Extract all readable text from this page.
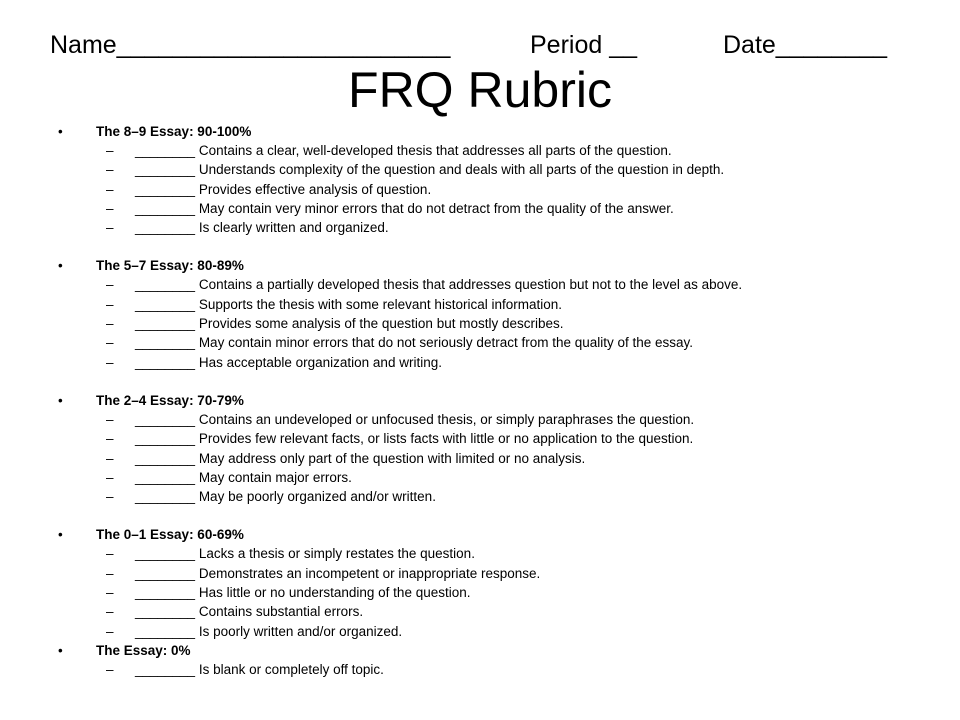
Name________________________	Period __	Date________
FRQ Rubric
• The 8–9 Essay: 90-100%
– ________ Contains a clear, well-developed thesis that addresses all parts of the question.
– ________ Understands complexity of the question and deals with all parts of the question in depth.
– ________ Provides effective analysis of question.
– ________ May contain very minor errors that do not detract from the quality of the answer.
– ________ Is clearly written and organized.
• The 5–7 Essay: 80-89%
– ________ Contains a partially developed thesis that addresses question but not to the level as above.
– ________ Supports the thesis with some relevant historical information.
– ________ Provides some analysis of the question but mostly describes.
– ________ May contain minor errors that do not seriously detract from the quality of the essay.
– ________ Has acceptable organization and writing.
• The 2–4 Essay: 70-79%
– ________ Contains an undeveloped or unfocused thesis, or simply paraphrases the question.
– ________ Provides few relevant facts, or lists facts with little or no application to the question.
– ________ May address only part of the question with limited or no analysis.
– ________ May contain major errors.
– ________ May be poorly organized and/or written.
• The 0–1 Essay: 60-69%
– ________ Lacks a thesis or simply restates the question.
– ________ Demonstrates an incompetent or inappropriate response.
– ________ Has little or no understanding of the question.
– ________ Contains substantial errors.
– ________ Is poorly written and/or organized.
• The Essay: 0%
– ________ Is blank or completely off topic.
